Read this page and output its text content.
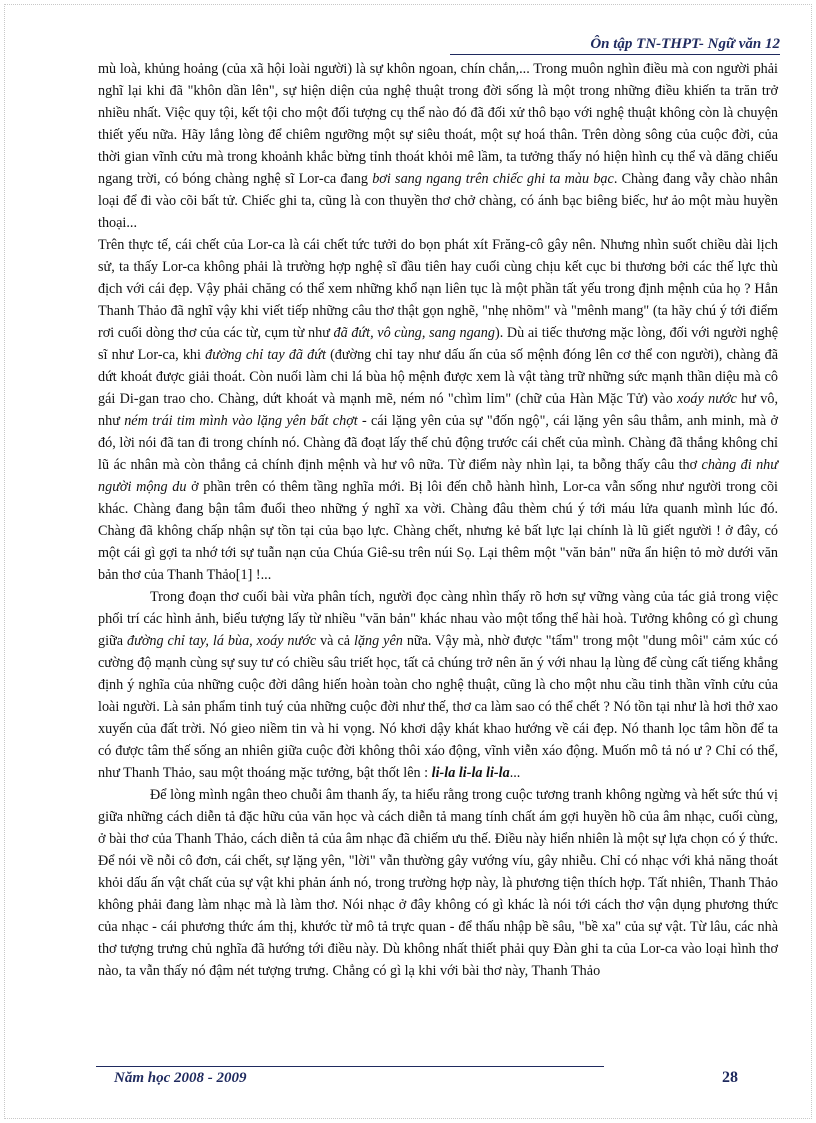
Ôn tập TN-THPT- Ngữ văn 12

mù loà, khủng hoảng (của xã hội loài người) là sự khôn ngoan, chín chắn,... Trong muôn nghìn điều mà con người phải nghĩ lại khi đã "khôn dần lên", sự hiện diện của nghệ thuật trong đời sống là một trong những điều khiến ta trăn trở nhiều nhất. Việc quy tội, kết tội cho một đối tượng cụ thể nào đó đã đối xử thô bạo với nghệ thuật không còn là chuyện thiết yếu nữa. Hãy lắng lòng để chiêm ngưỡng một sự siêu thoát, một sự hoá thân. Trên dòng sông của cuộc đời, của thời gian vĩnh cửu mà trong khoảnh khắc bừng tỉnh thoát khỏi mê lầm, ta tưởng thấy nó hiện hình cụ thể và dăng chiếu ngang trời, có bóng chàng nghệ sĩ Lor-ca đang bơi sang ngang trên chiếc ghi ta màu bạc. Chàng đang vẫy chào nhân loại để đi vào cõi bất tử. Chiếc ghi ta, cũng là con thuyền thơ chở chàng, có ánh bạc biêng biếc, hư ảo một màu huyền thoại...

Trên thực tế, cái chết của Lor-ca là cái chết tức tưởi do bọn phát xít Frăng-cô gây nên. Nhưng nhìn suốt chiều dài lịch sử, ta thấy Lor-ca không phải là trường hợp nghệ sĩ đầu tiên hay cuối cùng chịu kết cục bi thương bởi các thế lực thù địch với cái đẹp. Vậy phải chăng có thể xem những khổ nạn liên tục là một phần tất yếu trong định mệnh của họ ? Hẳn Thanh Thảo đã nghĩ vậy khi viết tiếp những câu thơ thật gọn nghẽ, "nhẹ nhõm" và "mênh mang" (ta hãy chú ý tới điểm rơi cuối dòng thơ của các từ, cụm từ như đã đứt, vô cùng, sang ngang). Dù ai tiếc thương mặc lòng, đối với người nghệ sĩ như Lor-ca, khi đường chỉ tay đã đứt (đường chỉ tay như dấu ấn của số mệnh đóng lên cơ thể con người), chàng đã dứt khoát được giải thoát. Còn nuối làm chi lá bùa hộ mệnh được xem là vật tàng trữ những sức mạnh thần diệu mà cô gái Di-gan trao cho. Chàng, dứt khoát và mạnh mẽ, ném nó "chìm lỉm" (chữ của Hàn Mặc Tử) vào xoáy nước hư vô, như ném trái tim mình vào lặng yên bất chợt - cái lặng yên của sự "đốn ngộ", cái lặng yên sâu thẳm, anh minh, mà ở đó, lời nói đã tan đi trong chính nó. Chàng đã đoạt lấy thế chủ động trước cái chết của mình. Chàng đã thắng không chỉ lũ ác nhân mà còn thắng cả chính định mệnh và hư vô nữa. Từ điểm này nhìn lại, ta bỗng thấy câu thơ chàng đi như người mộng du ở phần trên có thêm tầng nghĩa mới. Bị lôi đến chỗ hành hình, Lor-ca vẫn sống như người trong cõi khác. Chàng đang bận tâm đuổi theo những ý nghĩ xa vời. Chàng đâu thèm chú ý tới máu lửa quanh mình lúc đó. Chàng đã không chấp nhận sự tồn tại của bạo lực. Chàng chết, nhưng kẻ bất lực lại chính là lũ giết người ! ở đây, có một cái gì gợi ta nhớ tới sự tuẫn nạn của Chúa Giê-su trên núi Sọ. Lại thêm một "văn bản" nữa ẩn hiện tỏ mờ dưới văn bản thơ của Thanh Thảo[1] !...

Trong đoạn thơ cuối bài vừa phân tích, người đọc càng nhìn thấy rõ hơn sự vững vàng của tác giả trong việc phối trí các hình ảnh, biểu tượng lấy từ nhiều "văn bản" khác nhau vào một tổng thể hài hoà. Tưởng không có gì chung giữa đường chỉ tay, lá bùa, xoáy nước và cả lặng yên nữa. Vậy mà, nhờ được "tẩm" trong một "dung môi" cảm xúc có cường độ mạnh cùng sự suy tư có chiều sâu triết học, tất cả chúng trở nên ăn ý với nhau lạ lùng để cùng cất tiếng khẳng định ý nghĩa của những cuộc đời dâng hiến hoàn toàn cho nghệ thuật, cũng là cho một nhu cầu tinh thần vĩnh cửu của loài người. Là sản phẩm tinh tuý của những cuộc đời như thế, thơ ca làm sao có thể chết ? Nó tồn tại như là hơi thở xao xuyến của đất trời. Nó gieo niềm tin và hi vọng. Nó khơi dậy khát khao hướng về cái đẹp. Nó thanh lọc tâm hồn để ta có được tâm thế sống an nhiên giữa cuộc đời không thôi xáo động, vĩnh viễn xáo động. Muốn mô tả nó ư ? Chỉ có thể, như Thanh Thảo, sau một thoáng mặc tưởng, bật thốt lên : li-la li-la li-la...

Để lòng mình ngân theo chuỗi âm thanh ấy, ta hiểu rằng trong cuộc tương tranh không ngừng và hết sức thú vị giữa những cách diễn tả đặc hữu của văn học và cách diễn tả mang tính chất ám gợi huyền hồ của âm nhạc, cuối cùng, ở bài thơ của Thanh Thảo, cách diễn tả của âm nhạc đã chiếm ưu thế. Điều này hiển nhiên là một sự lựa chọn có ý thức. Để nói về nỗi cô đơn, cái chết, sự lặng yên, "lời" vẫn thường gây vướng víu, gây nhiễu. Chỉ có nhạc với khả năng thoát khỏi dấu ấn vật chất của sự vật khi phản ánh nó, trong trường hợp này, là phương tiện thích hợp. Tất nhiên, Thanh Thảo không phải đang làm nhạc mà là làm thơ. Nói nhạc ở đây không có gì khác là nói tới cách thơ vận dụng phương thức của nhạc - cái phương thức ám thị, khước từ mô tả trực quan - để thấu nhập bề sâu, "bề xa" của sự vật. Từ lâu, các nhà thơ tượng trưng chủ nghĩa đã hướng tới điều này. Dù không nhất thiết phải quy Đàn ghi ta của Lor-ca vào loại hình thơ nào, ta vẫn thấy nó đậm nét tượng trưng. Chẳng có gì lạ khi với bài thơ này, Thanh Thảo

Năm học 2008 - 2009	28
